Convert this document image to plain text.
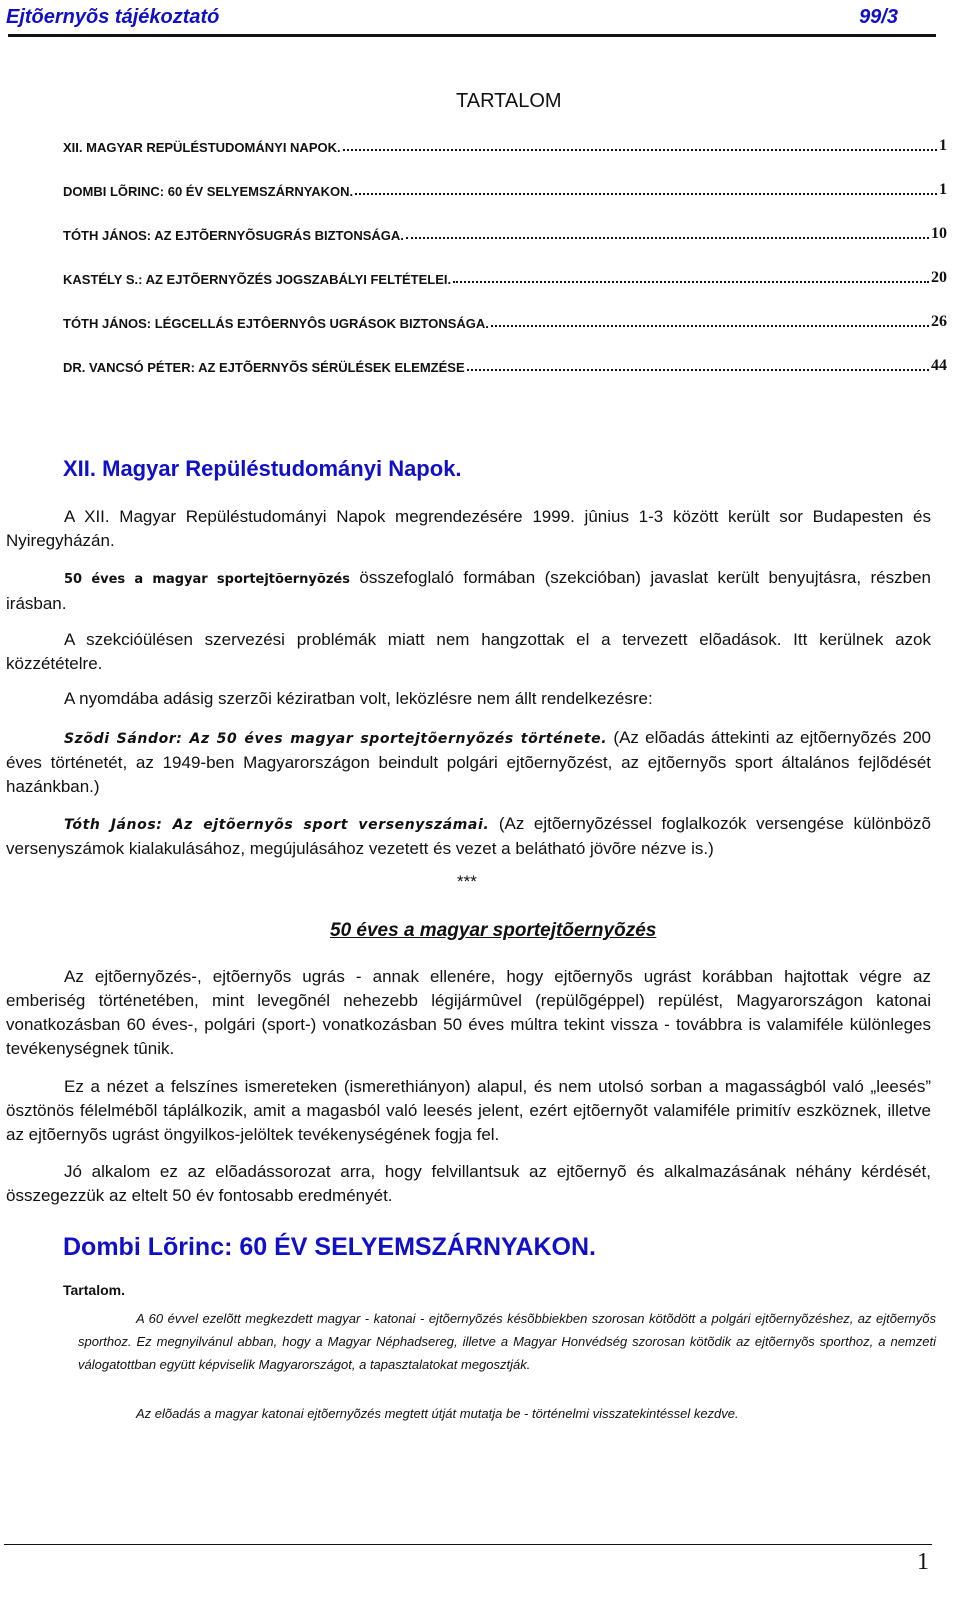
Ejtõernyõs tájékoztató	99/3
TARTALOM
XII. MAGYAR REPÜLÉSTUDOMÁNYI NAPOK.	1
DOMBI LÕRINC: 60 ÉV SELYEMSZÁRNYAKON.	1
TÓTH JÁNOS: AZ EJTÕERNYÕSUGRÁS BIZTONSÁGA.	10
KASTÉLY S.: AZ EJTÕERNYÕZÉS JOGSZABÁLYI FELTÉTELEI.	20
TÓTH JÁNOS: LÉGCELLÁS EJTÔERNYÔS UGRÁSOK BIZTONSÁGA.	26
DR. VANCSÓ PÉTER: AZ EJTÕERNYÕS SÉRÜLÉSEK ELEMZÉSE	44
XII. Magyar Repüléstudományi Napok.

A XII. Magyar Repüléstudományi Napok megrendezésére 1999. jûnius 1-3 között került sor Budapesten és Nyiregyházán.

50 éves a magyar sportejtõernyõzés összefoglaló formában (szekcióban) javaslat került benyujtásra, részben irásban.

A szekcióülésen szervezési problémák miatt nem hangzottak el a tervezett elõadások. Itt kerülnek azok közzétételre.

A nyomdába adásig szerzõi kéziratban volt, leközlésre nem állt rendelkezésre:

Szõdi Sándor: Az 50 éves magyar sportejtõernyõzés története. (Az elõadás áttekinti az ejtõernyõzés 200 éves történetét, az 1949-ben Magyarországon beindult polgári ejtõernyõzést, az ejtõernyõs sport általános fejlõdését hazánkban.)

Tóth János: Az ejtõernyõs sport versenyszámai. (Az ejtõernyõzéssel foglalkozók versengése különbözõ versenyszámok kialakulásához, megújulásához vezetett és vezet a belátható jövõre nézve is.)

***
50 éves a magyar sportejtõernyõzés

Az ejtõernyõzés-, ejtõernyõs ugrás - annak ellenére, hogy ejtõernyõs ugrást korábban hajtottak végre az emberiség történetében, mint levegõnél nehezebb légijármûvel (repülõgéppel) repülést, Magyarországon katonai vonatkozásban 60 éves-, polgári (sport-) vonatkozásban 50 éves múltra tekint vissza - továbbra is valamiféle különleges tevékenységnek tûnik.

Ez a nézet a felszínes ismereteken (ismerethiányon) alapul, és nem utolsó sorban a magasságból való „leesés” ösztönös félelmébõl táplálkozik, amit a magasból való leesés jelent, ezért ejtõernyõt valamiféle primitív eszköznek, illetve az ejtõernyõs ugrást öngyilkos-jelöltek tevékenységének fogja fel.

Jó alkalom ez az elõadássorozat arra, hogy felvillantsuk az ejtõernyõ és alkalmazásának néhány kérdését, összegezzük az eltelt 50 év fontosabb eredményét.

Dombi Lõrinc: 60 ÉV SELYEMSZÁRNYAKON.
Tartalom.

A 60 évvel ezelõtt megkezdett magyar - katonai - ejtõernyõzés késõbbiekben szorosan kötõdött a polgári ejtõernyõzéshez, az ejtõernyõs sporthoz. Ez megnyilvánul abban, hogy a Magyar Néphadsereg, illetve a Magyar Honvédség szorosan kötõdik az ejtõernyõs sporthoz, a nemzeti válogatottban együtt képviselik Magyarországot, a tapasztalatokat megosztják.

Az elõadás a magyar katonai ejtõernyõzés megtett útját mutatja be - történelmi visszatekintéssel kezdve.

1
